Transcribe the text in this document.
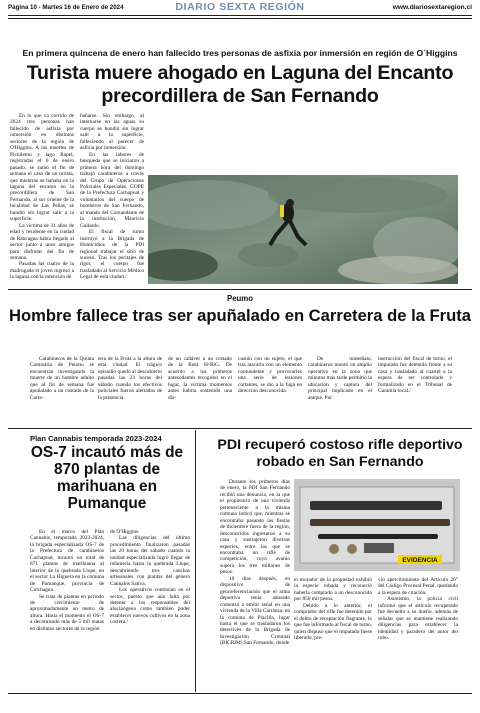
Página 10 - Martes 16 de Enero de 2024	DIARIO SEXTA REGIÓN	www.diariosextaregion.cl
En primera quincena de enero han fallecido tres personas de asfixia por inmersión en región de O´Higgins
Turista muere ahogado en Laguna del Encanto precordillera de San Fernando

En lo que va corrido de 2024 tres personas han fallecido de asfixia por inmersión en distintos sectores de la región de O'Higgins. A las muertes de Pichilemu y lago Rapel, registradas el 6 de enero pasado, se sumó el fin de semana el caso de un turista, que mientras se bañaba en la laguna del encanto en la precordillera de San Fernando, al sur oriente de la localidad de Las Peñas, se hundió sin lograr salir a la superficie.

La víctima de 31 años de edad y residente en la ciudad de Rancagua había llegado al sector junto a unos amigos para disfrutar del fin de semana.

Pasadas las cuatro de la madrugada el joven ingresó a la laguna con la intención de

bañarse. Sin embargo, al internarse en las aguas su cuerpo se hundió sin lograr salir a la superficie, falleciendo al parecer de asfixia por inmersión.

En las labores de búsqueda que se iniciaron a primera hora del domingo trabajó carabineros a través del Grupo de Operaciones Policiales Especiales, GOPE de la Prefectura Cachapoal y voluntarios del cuerpo de bomberos de San Fernando, al mando del Comandante de la institución, Mauricio Gallardo.

El fiscal de turno instruyó a la Brigada de Homicidios de la PDI regional trabajar el sitio de suceso. Tras los peritajes de rigor, el cuerpo fue trasladado al Servicio Médico Legal de esta ciudad./

Peumo
Hombre fallece tras ser apuñalado en Carretera de la Fruta

Carabineros de la Quinta Comisaría de Peumo se encuentran investigando la muerte de un hombre adulto que al fin de semana fue apuñalado a un costado de la Carre-

tera de la Fruta a la altura de esta ciudad. El trágico episodio quedó al descubierto pasadas las 23 horas del sábado cuando los efectivos policiales fueron alertados de la presencia

de un cadáver a un costado de la Ruta H-66G. De acuerdo a los primeros antecedentes recogidos en el lugar, la víctima momentos antes habría sostenido una dis-

cusión con un sujeto, el que tras atacarlo con un elemento contundente y provocarles una serie de lesiones cortantes, se dio a la fuga en dirección desconocida.

De inmediato, carabineros montó un amplio operativo en la zona que minutos más tarde permitió la ubicación y captura del principal implicado en el ataque. Por

instrucción del fiscal de turno, el imputado fue detenido frente a su casa y trasladado al cuartel a la espera de ser controlado y formalizado en el Tribunal de Garantía local./

Plan Cannabis temporada 2023-2024
OS-7 incautó más de 870 plantas de marihuana en Pumanque

En el marco del Plan Cannabis, temporada 2023-2024, la brigada especializada OS-7 de la Prefectura de carabineros Cachapoal, incautó un total de 871 plantas de marihuana al interior de la quebrada Llope, en el sector La Higuera en la comuna de Pumanque, provincia de Colchagua.

Se trata de plantas en periodo de crecimiento de aproximadamente un metro de altura. Hasta el momento el OS-7 a decomisado más de 5 mil matas en distintos sectores de la región

de O'Higgins.

Las diligencias del último procedimiento finalizaron pasadas las 20 horas del sábado cuando la unidad especializada logró llegar de infantería hasta la quebrada Llope, descubriendo tres canchas artesanales con plantas del género Cannabis Sativa.

Los operativos continúan en el sector, puesto que aún falta por detener a los responsables del alucinógeno como también poder establecer nuevos cultivos en la zona costera./

PDI recuperó costoso rifle deportivo robado en San Fernando

Durante los primeros días de enero, la PDI San Fernando recibió una denuncia, en la que el propietario de una vivienda perteneciente a la misma comuna indicó que, mientras se encontraba pasando las fiestas de diciembre fuera de la región, desconocidos ingresaron a su casa y sustrajeron diversas especies, entre las que se encontraba un rifle de competición, cuyo avalúo supera los tres millones de pesos.

10 días después, en dispositivo de georreferenciación que el arma deportiva tenía adosado comenzó a emitir señal en una vivienda de la Villa Carranza, en la comuna de Placilla, lugar hasta el que se trasladaron los detectives de la Brigada de Investigación Criminal (BICRIM) San Fernando, donde

el morador de la propiedad exhibió la especie robada y reconoció haberla comprado a un desconocido por 850 mil pesos.

Debido a lo anterior, el comprador del rifle fue detenido por el delito de receptación flagrante, lo que fue informado al fiscal de turno, quien dispuso que el imputado fuese liberado, pre-

vio apercibimiento del Artículo 26° del Código Procesal Penal, quedando a la espera de citación.

Asimismo, la policía civil informó que el artículo recuperado fue devuelto a su dueño, además de señalar que se mantiene realizando diligencias para establecer la identidad y paradero del autor del robo.

EVIDENCIA
